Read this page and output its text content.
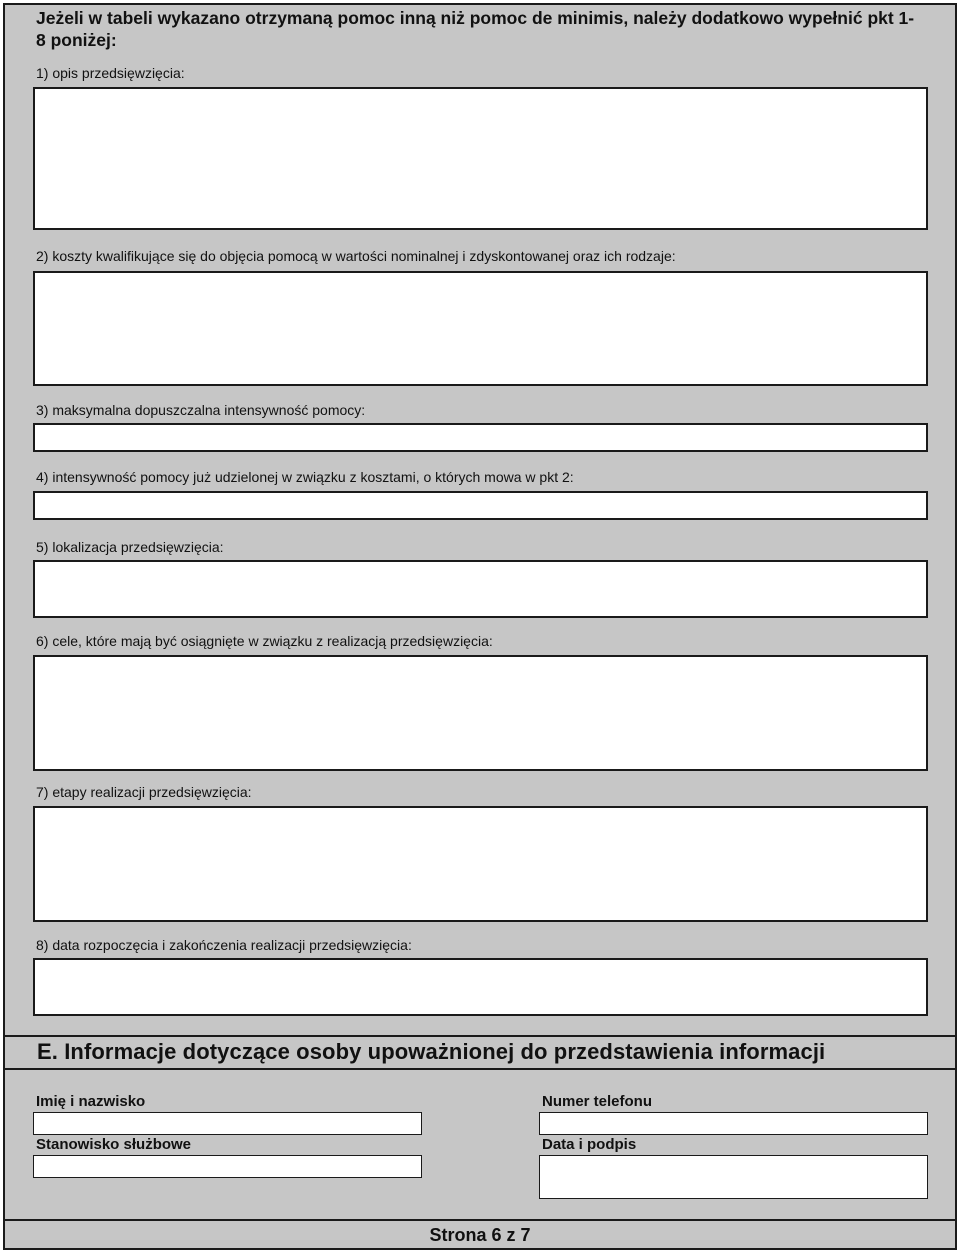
Jeżeli w tabeli wykazano otrzymaną pomoc inną niż pomoc de minimis, należy dodatkowo wypełnić pkt 1-8 poniżej:
1) opis przedsięwzięcia:
2) koszty kwalifikujące się do objęcia pomocą w wartości nominalnej i zdyskontowanej oraz ich rodzaje:
3) maksymalna dopuszczalna intensywność pomocy:
4) intensywność pomocy już udzielonej w związku z kosztami, o których mowa w pkt 2:
5) lokalizacja przedsięwzięcia:
6) cele, które mają być osiągnięte w związku z realizacją przedsięwzięcia:
7) etapy realizacji przedsięwzięcia:
8) data rozpoczęcia i zakończenia realizacji przedsięwzięcia:
E. Informacje dotyczące osoby upoważnionej do przedstawienia informacji
Imię i nazwisko	Numer telefonu
Stanowisko służbowe	Data i podpis
Strona 6 z 7
